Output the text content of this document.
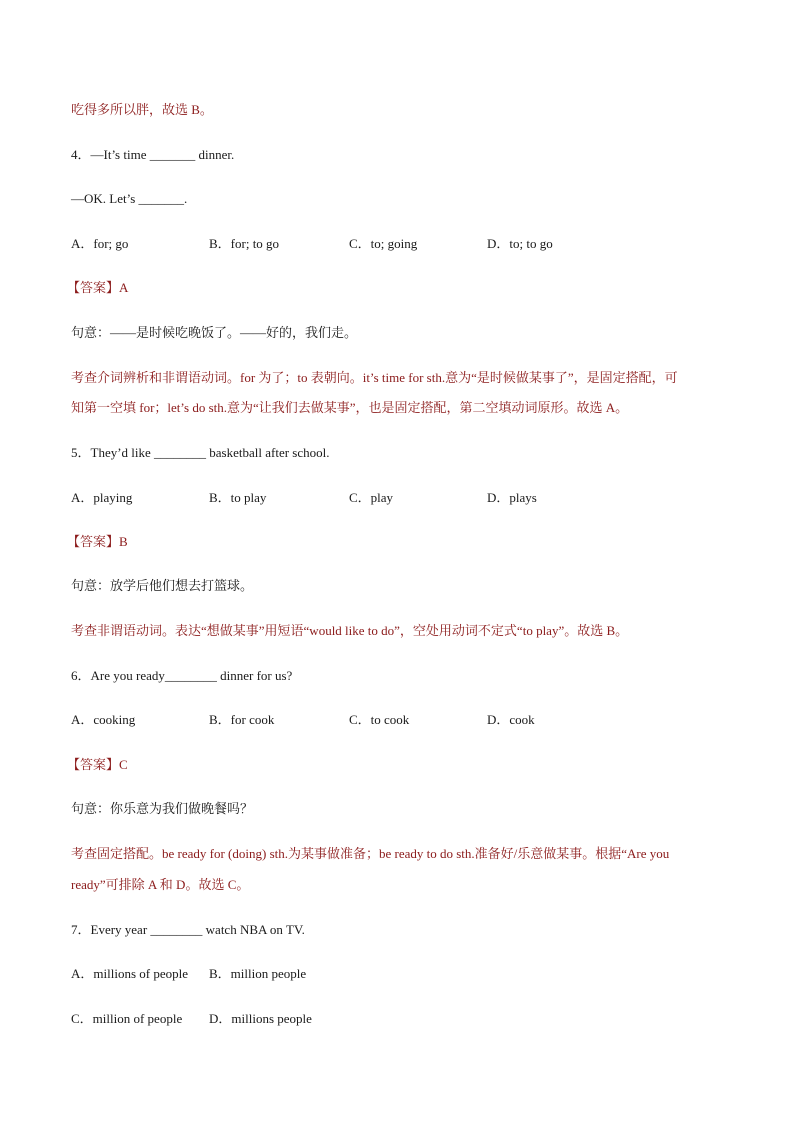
吃得多所以胖，故选 B。
4．—It’s time _______ dinner.
—OK. Let’s _______.
A．for; go	B．for; to go	C．to; going	D．to; to go
【答案】A
句意：——是时候吃晚饭了。——好的，我们走。
考查介词辨析和非谓语动词。for 为了；to 表朝向。it’s time for sth.意为“是时候做某事了”，是固定搭配，可
知第一空填 for；let’s do sth.意为“让我们去做某事”，也是固定搭配，第二空填动词原形。故选 A。
5．They’d like ________ basketball after school.
A．playing	B．to play	C．play	D．plays
【答案】B
句意：放学后他们想去打篮球。
考查非谓语动词。表达“想做某事”用短语“would like to do”，空处用动词不定式“to play”。故选 B。
6．Are you ready________ dinner for us?
A．cooking	B．for cook	C．to cook	D．cook
【答案】C
句意：你乐意为我们做晚餐吗？
考查固定搭配。be ready for (doing) sth.为某事做准备；be ready to do sth.准备好/乐意做某事。根据“Are you
ready”可排除 A 和 D。故选 C。
7．Every year ________ watch NBA on TV.
A．millions of people B．million people
C．million of people D．millions people
